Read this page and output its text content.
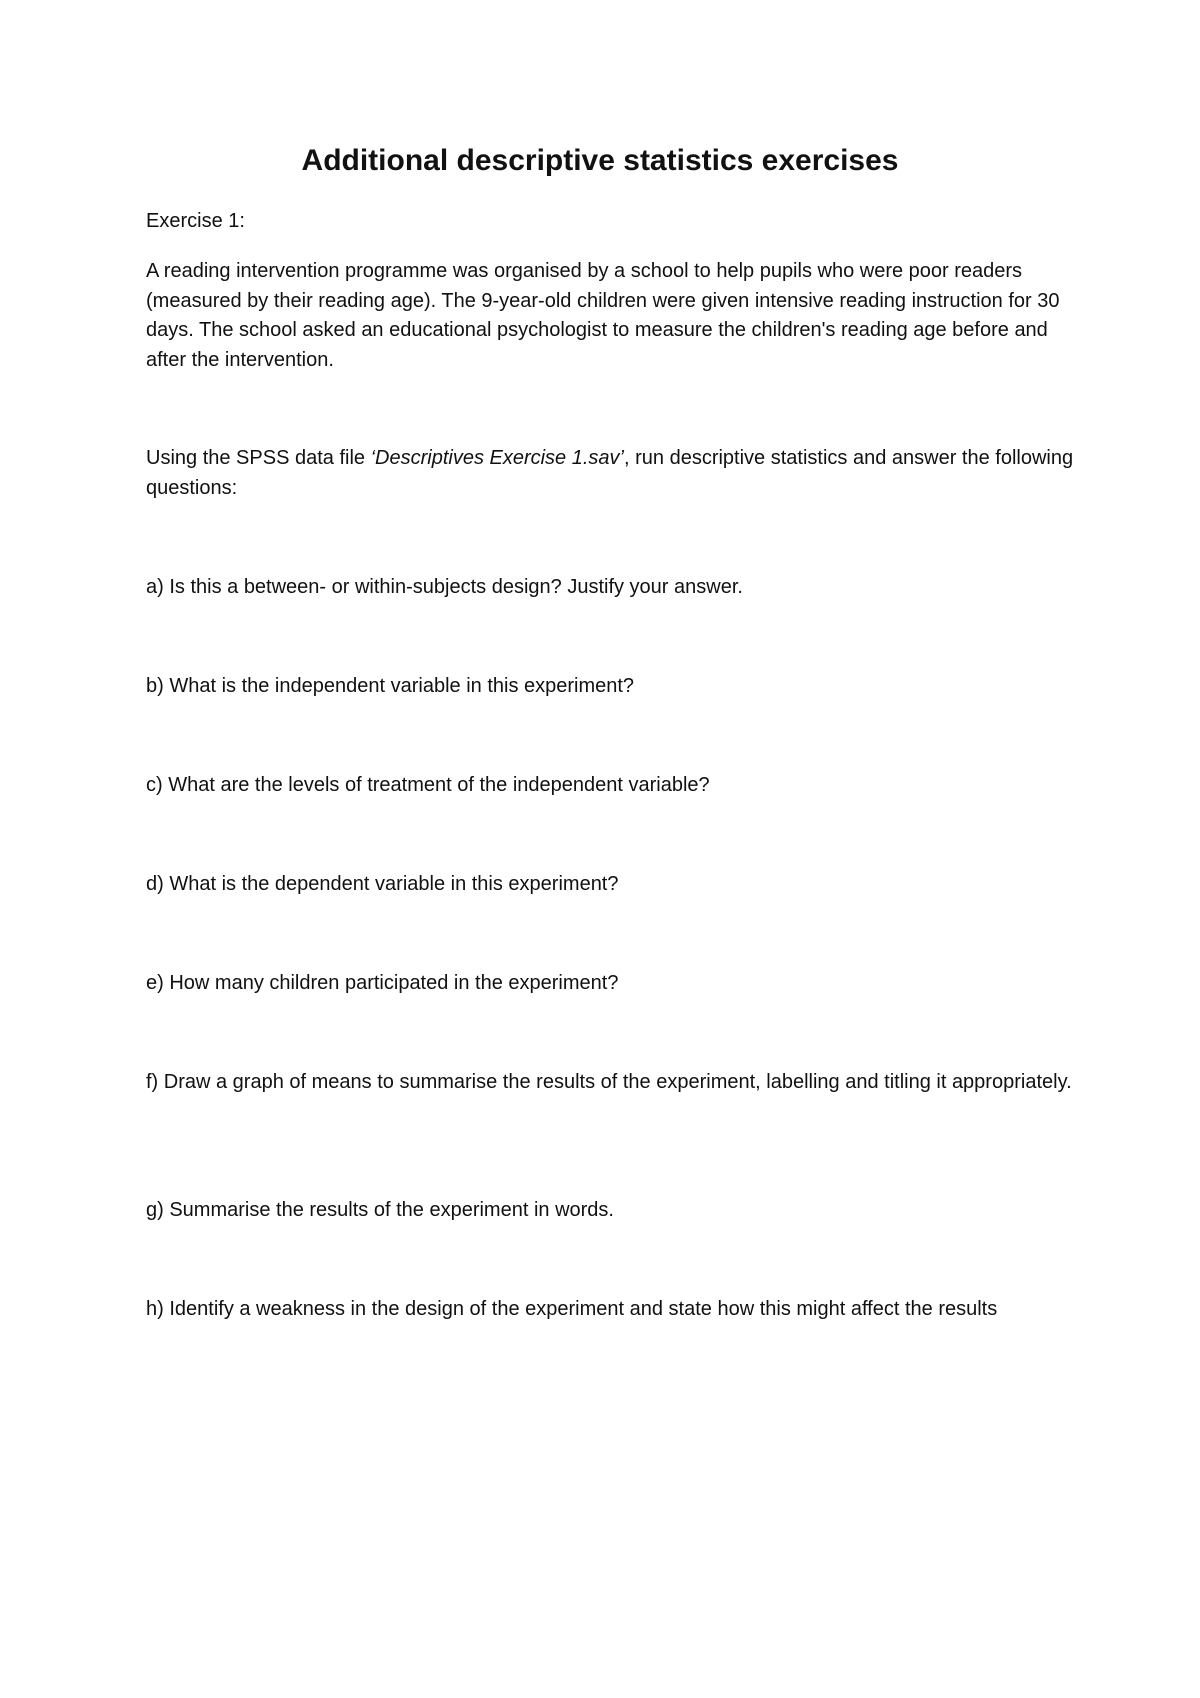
Additional descriptive statistics exercises

Exercise 1:

A reading intervention programme was organised by a school to help pupils who were poor readers (measured by their reading age). The 9-year-old children were given intensive reading instruction for 30 days. The school asked an educational psychologist to measure the children's reading age before and after the intervention.

Using the SPSS data file ‘Descriptives Exercise 1.sav’, run descriptive statistics and answer the following questions:

a) Is this a between- or within-subjects design? Justify your answer.

b) What is the independent variable in this experiment?

c) What are the levels of treatment of the independent variable?

d) What is the dependent variable in this experiment?

e) How many children participated in the experiment?

f) Draw a graph of means to summarise the results of the experiment, labelling and titling it appropriately.

g) Summarise the results of the experiment in words.

h) Identify a weakness in the design of the experiment and state how this might affect the results
